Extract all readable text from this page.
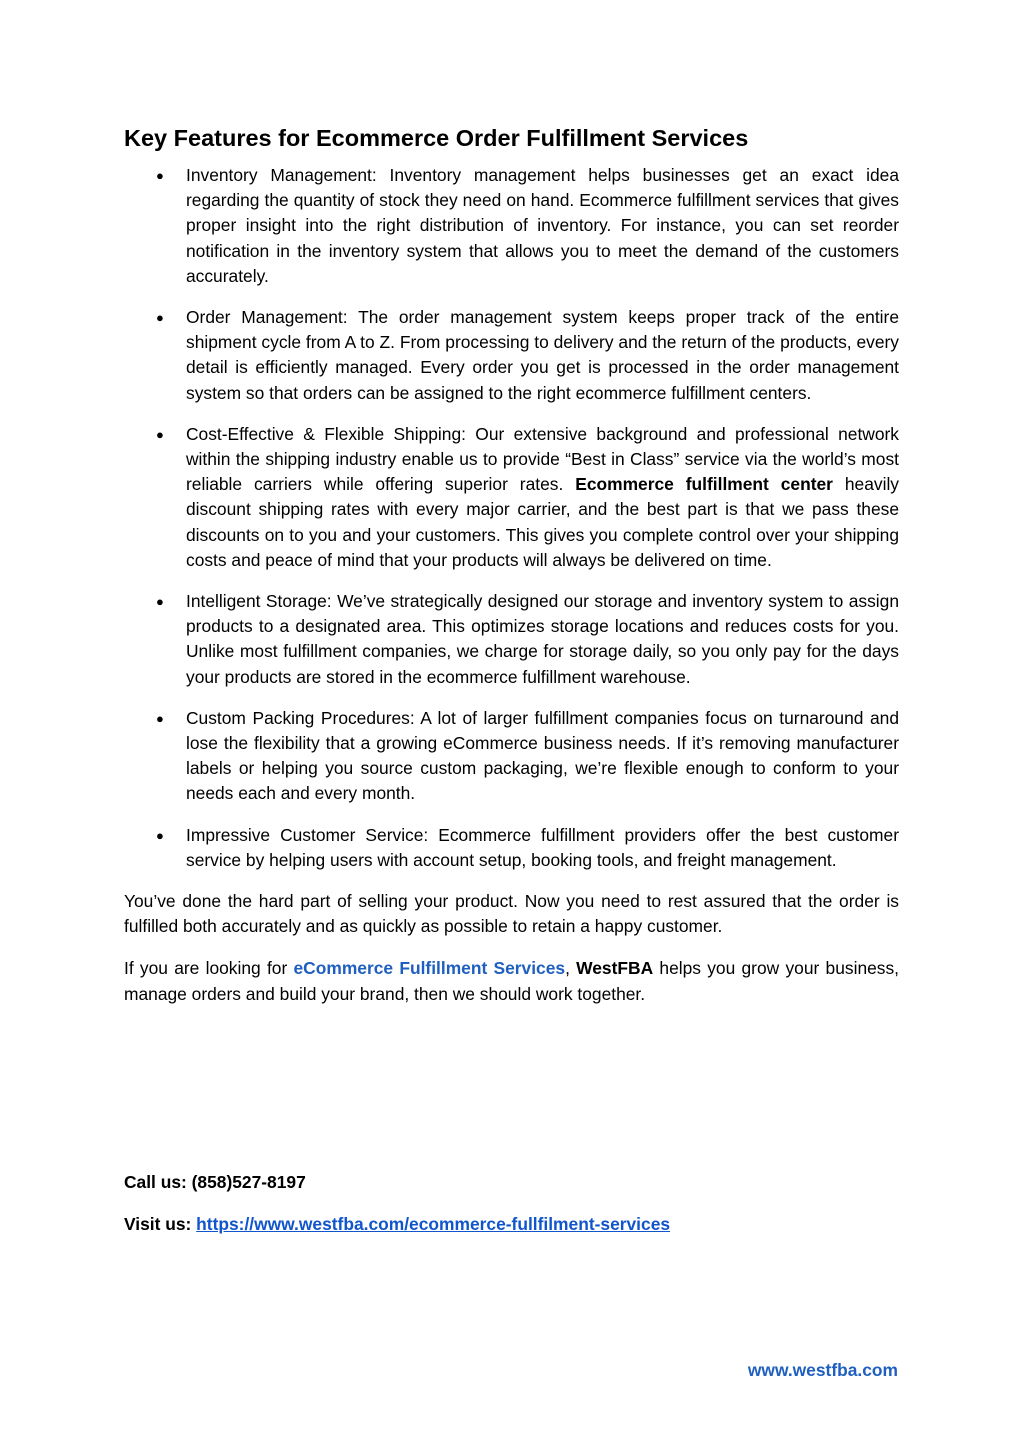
Key Features for Ecommerce Order Fulfillment Services
● Inventory Management: Inventory management helps businesses get an exact idea regarding the quantity of stock they need on hand. Ecommerce fulfillment services that gives proper insight into the right distribution of inventory. For instance, you can set reorder notification in the inventory system that allows you to meet the demand of the customers accurately.
● Order Management: The order management system keeps proper track of the entire shipment cycle from A to Z. From processing to delivery and the return of the products, every detail is efficiently managed. Every order you get is processed in the order management system so that orders can be assigned to the right ecommerce fulfillment centers.
● Cost-Effective & Flexible Shipping: Our extensive background and professional network within the shipping industry enable us to provide “Best in Class” service via the world’s most reliable carriers while offering superior rates. Ecommerce fulfillment center heavily discount shipping rates with every major carrier, and the best part is that we pass these discounts on to you and your customers. This gives you complete control over your shipping costs and peace of mind that your products will always be delivered on time.
● Intelligent Storage: We’ve strategically designed our storage and inventory system to assign products to a designated area. This optimizes storage locations and reduces costs for you. Unlike most fulfillment companies, we charge for storage daily, so you only pay for the days your products are stored in the ecommerce fulfillment warehouse.
● Custom Packing Procedures: A lot of larger fulfillment companies focus on turnaround and lose the flexibility that a growing eCommerce business needs. If it’s removing manufacturer labels or helping you source custom packaging, we’re flexible enough to conform to your needs each and every month.
● Impressive Customer Service: Ecommerce fulfillment providers offer the best customer service by helping users with account setup, booking tools, and freight management.

You’ve done the hard part of selling your product. Now you need to rest assured that the order is fulfilled both accurately and as quickly as possible to retain a happy customer.

If you are looking for eCommerce Fulfillment Services, WestFBA helps you grow your business, manage orders and build your brand, then we should work together.

Call us: (858)527-8197
Visit us: https://www.westfba.com/ecommerce-fullfilment-services
www.westfba.com
